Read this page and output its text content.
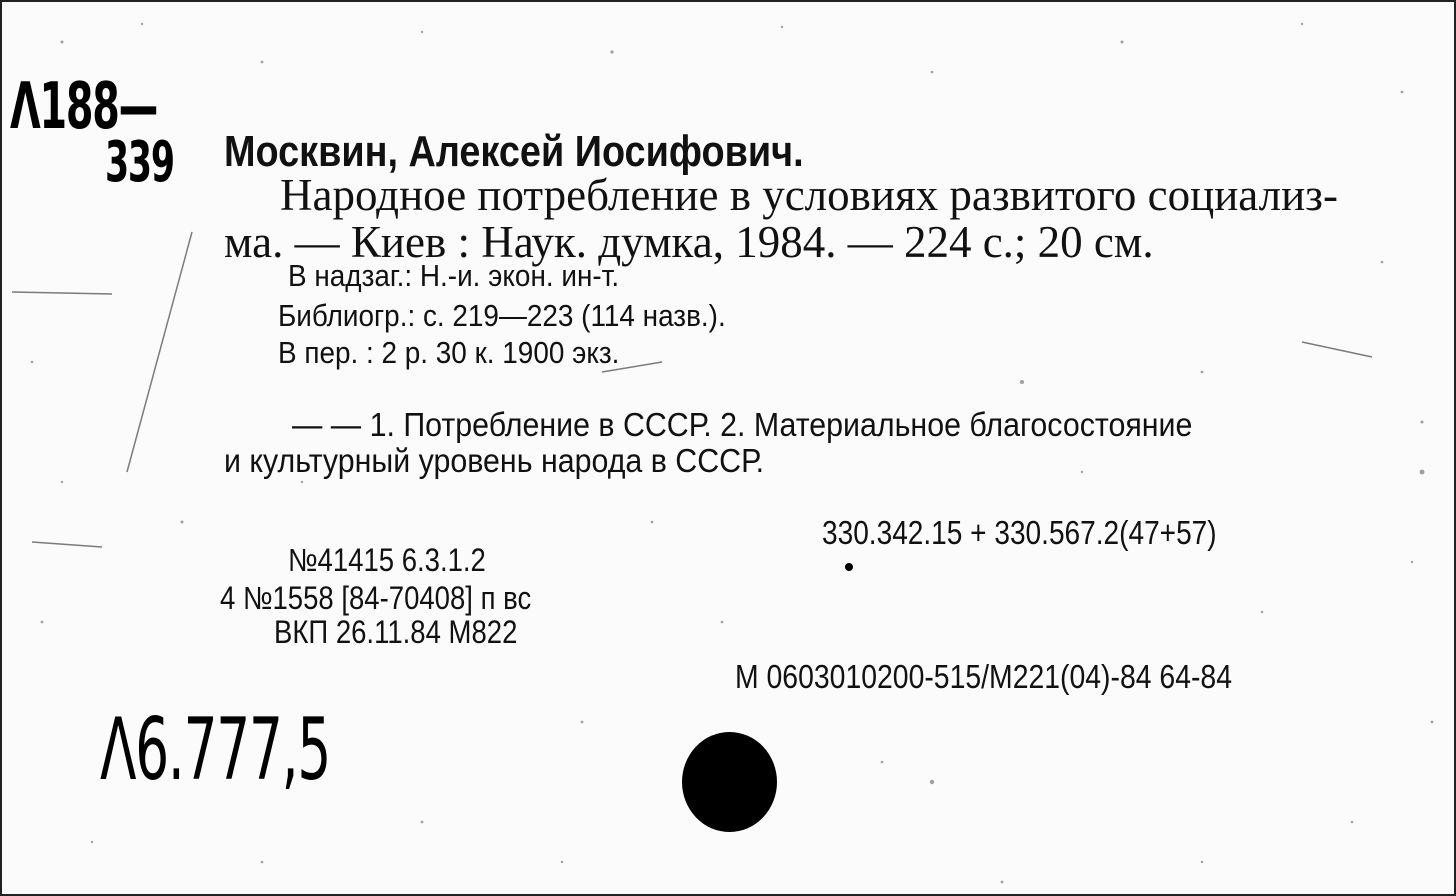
Λ188—
339 Москвин, Алексей Иосифович.
Народное потребление в условиях развитого социализ-
ма. — Киев : Наук. думка, 1984. — 224 с.; 20 см.
В надзаг.: Н.-и. экон. ин-т.
Библиогр.: с. 219—223 (114 назв.).
В пер. : 2 р. 30 к. 1900 экз.
— — 1. Потребление в СССР. 2. Материальное благосостояние
и культурный уровень народа в СССР.
330.342.15 + 330.567.2(47+57)
№41415 6.3.1.2
4 №1558 [84-70408] п вс
ВКП 26.11.84 М822
М 0603010200-515/М221(04)-84 64-84
Λ6.777,5
